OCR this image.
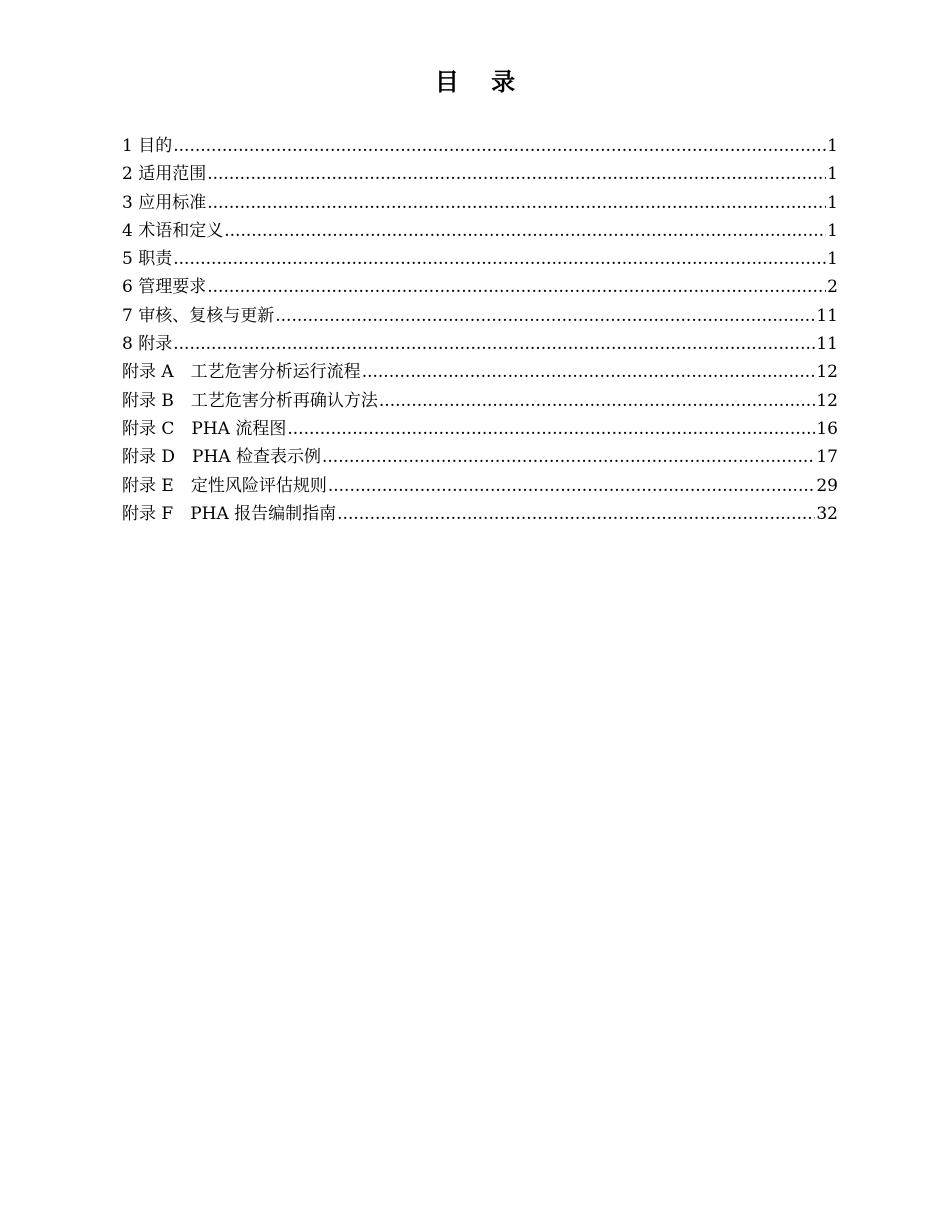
目 录
1 目的 .....	1
2 适用范围 .....	1
3 应用标准 .....	1
4 术语和定义 .....	1
5 职责 .....	1
6 管理要求 .....	2
7 审核、复核与更新 .....	11
8 附录 .....	11
附录 A　工艺危害分析运行流程 .....	12
附录 B　工艺危害分析再确认方法 .....	12
附录 C　PHA 流程图 .....	16
附录 D　PHA 检查表示例 .....	17
附录 E　定性风险评估规则 .....	29
附录 F　PHA 报告编制指南 .....	32
